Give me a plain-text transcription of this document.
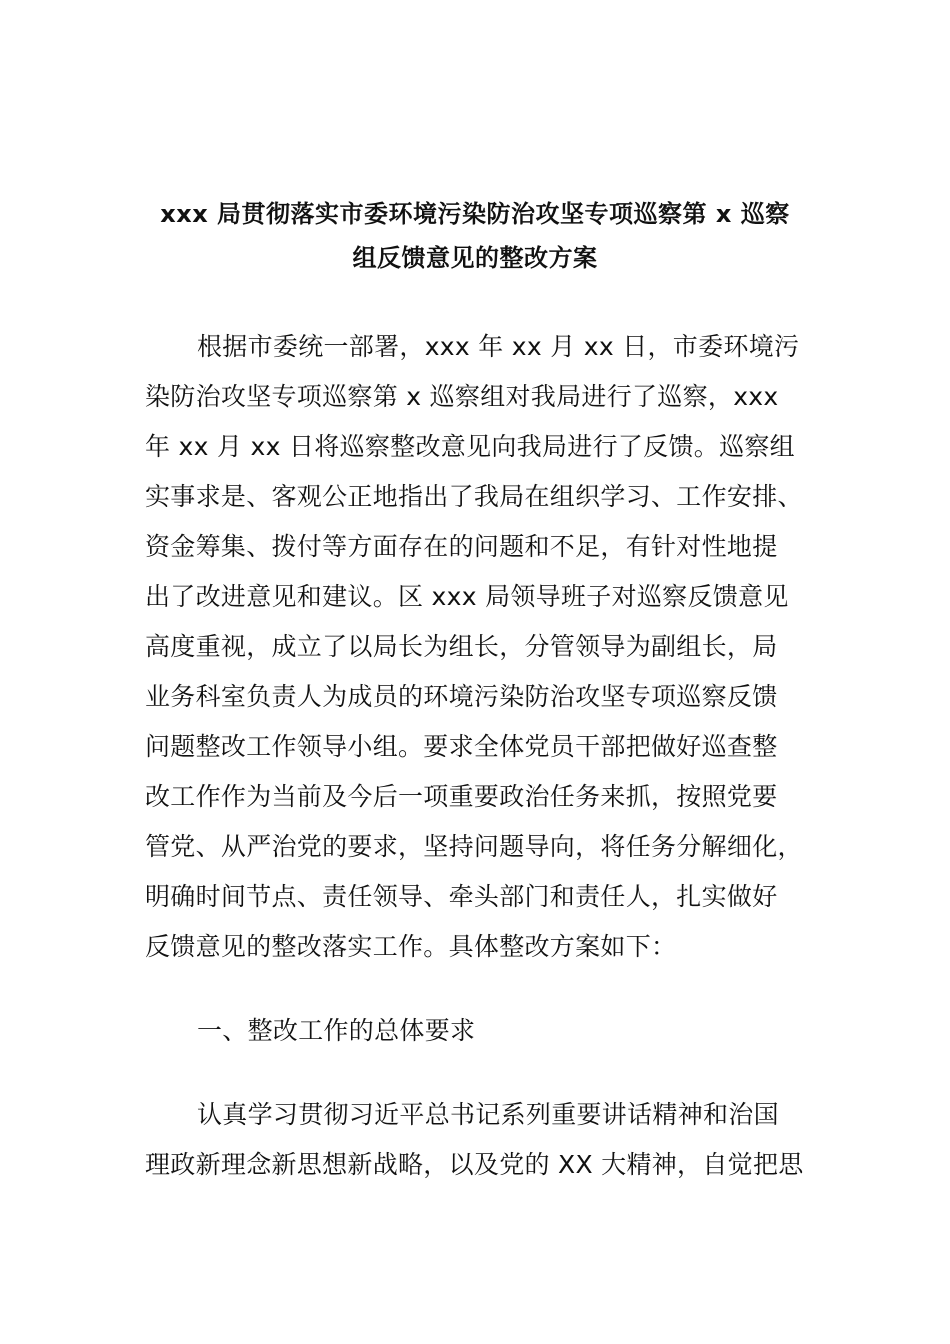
xxx 局贯彻落实市委环境污染防治攻坚专项巡察第 x 巡察
组反馈意见的整改方案
根据市委统一部署，xxx 年 xx 月 xx 日，市委环境污
染防治攻坚专项巡察第 x 巡察组对我局进行了巡察，xxx
年 xx 月 xx 日将巡察整改意见向我局进行了反馈。巡察组
实事求是、客观公正地指出了我局在组织学习、工作安排、
资金筹集、拨付等方面存在的问题和不足，有针对性地提
出了改进意见和建议。区 xxx 局领导班子对巡察反馈意见
高度重视，成立了以局长为组长，分管领导为副组长，局
业务科室负责人为成员的环境污染防治攻坚专项巡察反馈
问题整改工作领导小组。要求全体党员干部把做好巡查整
改工作作为当前及今后一项重要政治任务来抓，按照党要
管党、从严治党的要求，坚持问题导向，将任务分解细化，
明确时间节点、责任领导、牵头部门和责任人，扎实做好
反馈意见的整改落实工作。具体整改方案如下：
一、整改工作的总体要求
认真学习贯彻习近平总书记系列重要讲话精神和治国
理政新理念新思想新战略，以及党的 XX 大精神，自觉把思
